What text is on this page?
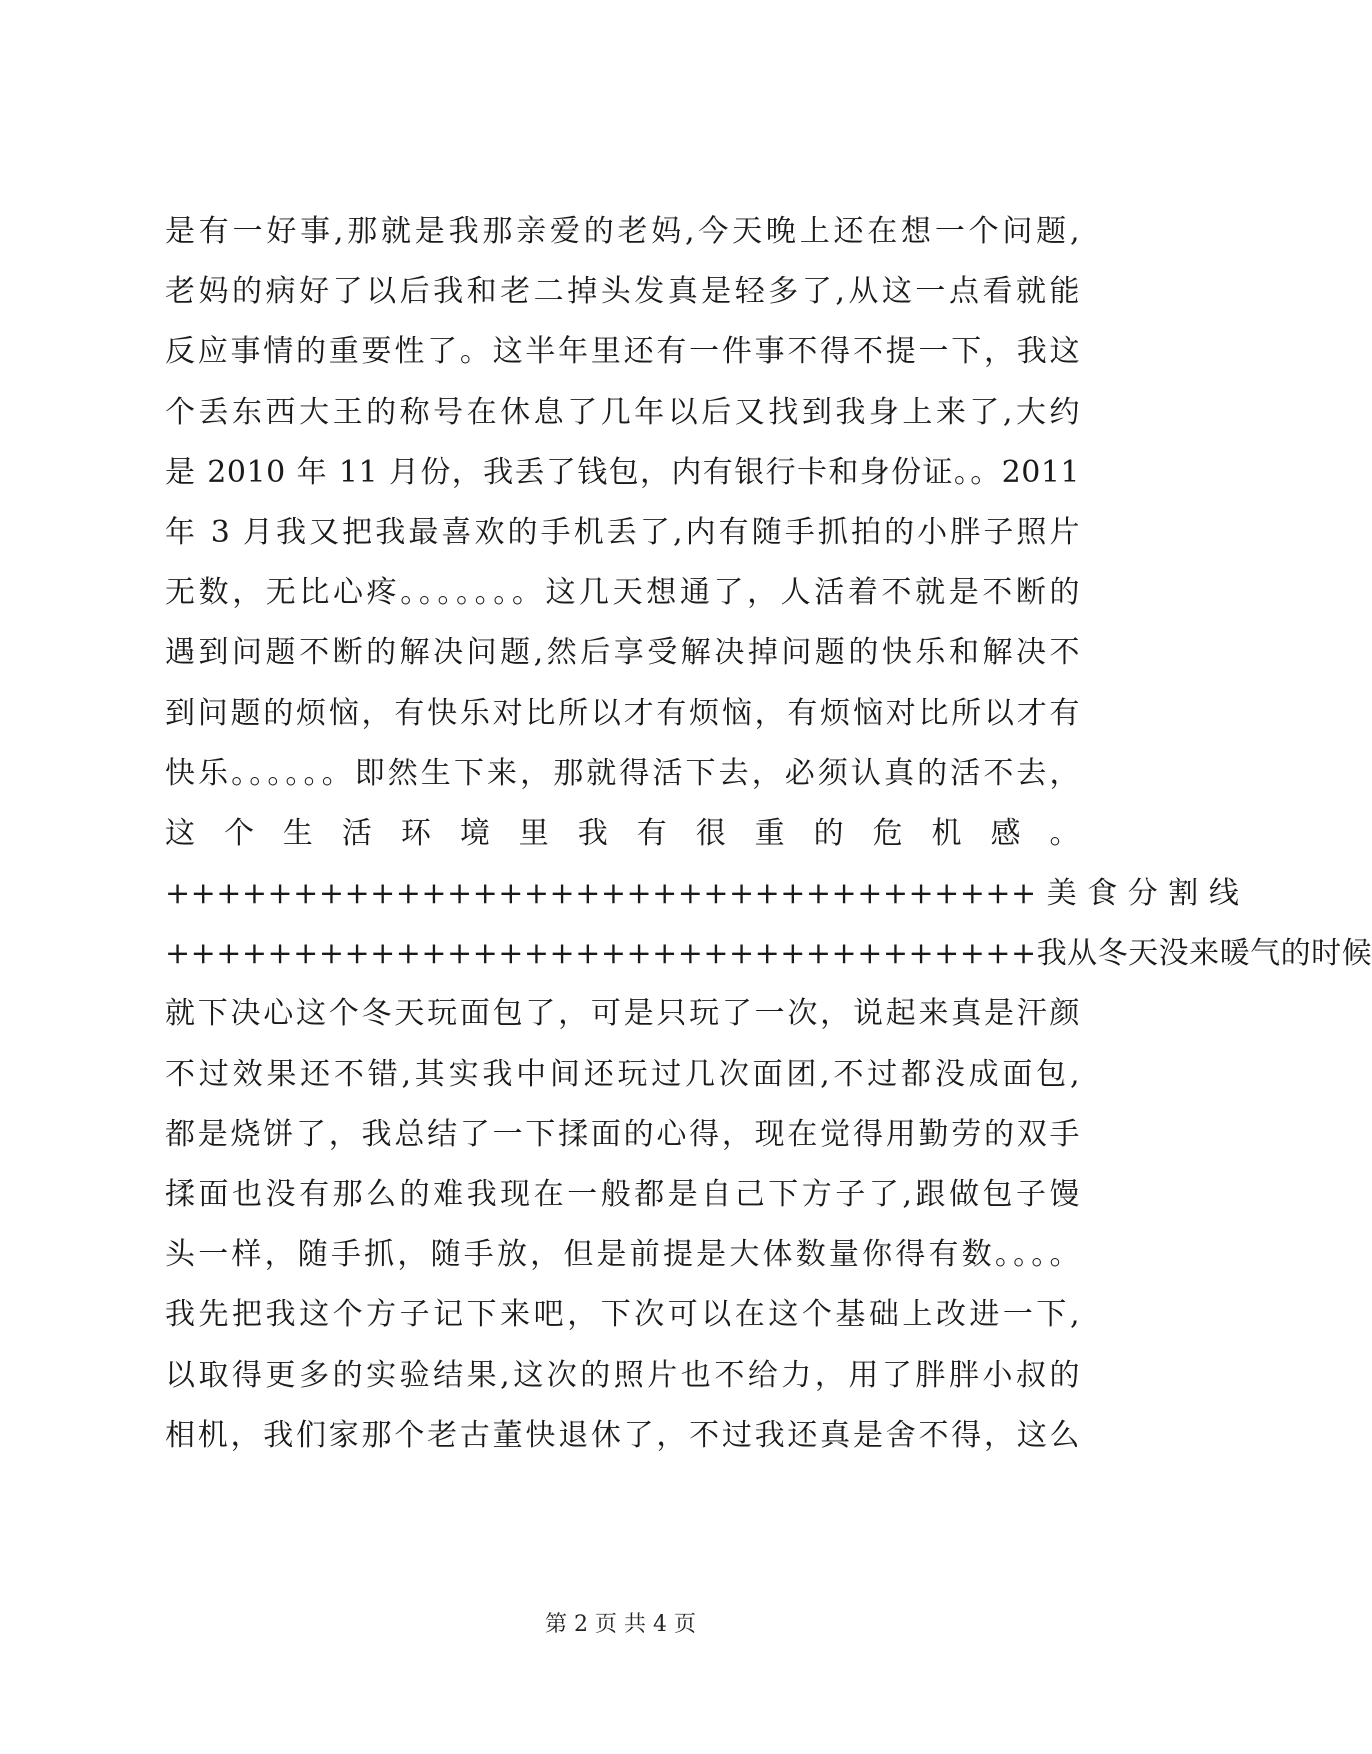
是有一好事,那就是我那亲爱的老妈,今天晚上还在想一个问题,
老妈的病好了以后我和老二掉头发真是轻多了,从这一点看就能
反应事情的重要性了。这半年里还有一件事不得不提一下，我这
个丢东西大王的称号在休息了几年以后又找到我身上来了,大约
是 2010 年 11 月份，我丢了钱包，内有银行卡和身份证。。2011
年 3 月我又把我最喜欢的手机丢了,内有随手抓拍的小胖子照片
无数，无比心疼。。。。。。。这几天想通了，人活着不就是不断的
遇到问题不断的解决问题,然后享受解决掉问题的快乐和解决不
到问题的烦恼，有快乐对比所以才有烦恼，有烦恼对比所以才有
快乐。。。。。。即然生下来，那就得活下去，必须认真的活不去，
这 个 生 活 环 境 里 我 有 很 重 的 危 机 感 。
++++++++++++++++++++++++++++++++++ 美 食 分 割 线
++++++++++++++++++++++++++++++++++我从冬天没来暖气的时候
就下决心这个冬天玩面包了，可是只玩了一次，说起来真是汗颜
不过效果还不错,其实我中间还玩过几次面团,不过都没成面包,
都是烧饼了，我总结了一下揉面的心得，现在觉得用勤劳的双手
揉面也没有那么的难我现在一般都是自己下方子了,跟做包子馒
头一样，随手抓，随手放，但是前提是大体数量你得有数。。。。
我先把我这个方子记下来吧，下次可以在这个基础上改进一下,
以取得更多的实验结果,这次的照片也不给力，用了胖胖小叔的
相机，我们家那个老古董快退休了，不过我还真是舍不得，这么
第 2 页 共 4 页
